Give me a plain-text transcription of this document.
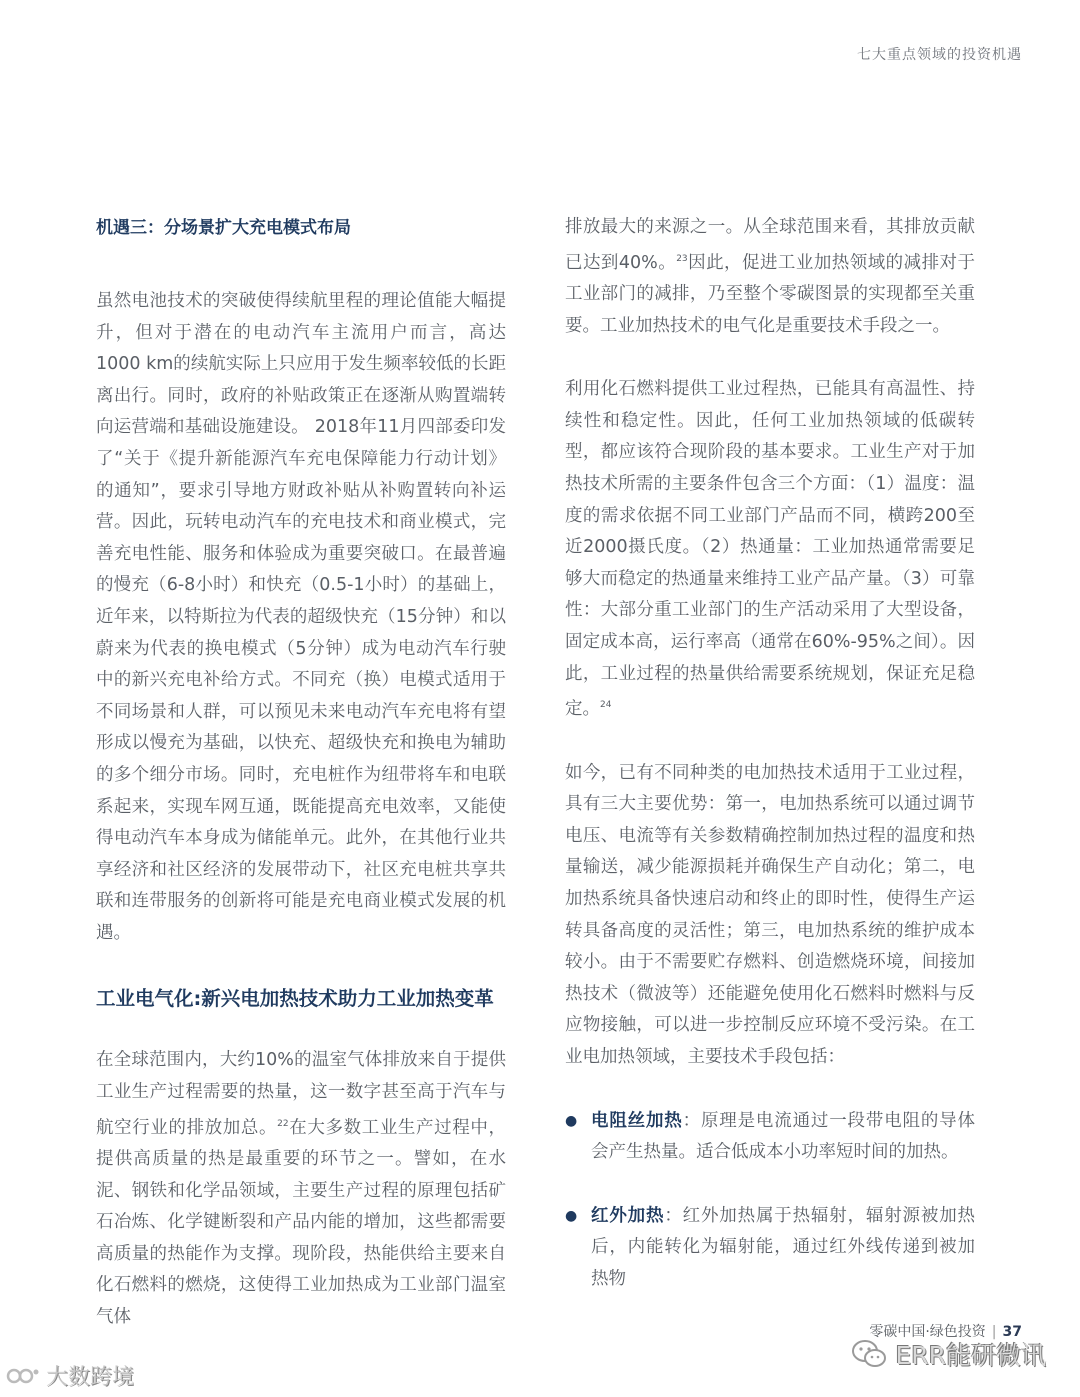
七大重点领域的投资机遇

机遇三：分场景扩大充电模式布局

虽然电池技术的突破使得续航里程的理论值能大幅提升，但对于潜在的电动汽车主流用户而言，高达1000 km的续航实际上只应用于发生频率较低的长距离出行。同时，政府的补贴政策正在逐渐从购置端转向运营端和基础设施建设。 2018年11月四部委印发了“关于《提升新能源汽车充电保障能力行动计划》的通知”，要求引导地方财政补贴从补购置转向补运营。因此，玩转电动汽车的充电技术和商业模式，完善充电性能、服务和体验成为重要突破口。在最普遍的慢充（6-8小时）和快充（0.5-1小时）的基础上，近年来，以特斯拉为代表的超级快充（15分钟）和以蔚来为代表的换电模式（5分钟）成为电动汽车行驶中的新兴充电补给方式。不同充（换）电模式适用于不同场景和人群，可以预见未来电动汽车充电将有望形成以慢充为基础，以快充、超级快充和换电为辅助的多个细分市场。同时，充电桩作为纽带将车和电联系起来，实现车网互通，既能提高充电效率，又能使得电动汽车本身成为储能单元。此外，在其他行业共享经济和社区经济的发展带动下，社区充电桩共享共联和连带服务的创新将可能是充电商业模式发展的机遇。

工业电气化:新兴电加热技术助力工业加热变革

在全球范围内，大约10%的温室气体排放来自于提供工业生产过程需要的热量，这一数字甚至高于汽车与航空行业的排放加总。$^{22}$在大多数工业生产过程中，提供高质量的热是最重要的环节之一。譬如，在水泥、钢铁和化学品领域，主要生产过程的原理包括矿石冶炼、化学键断裂和产品内能的增加，这些都需要高质量的热能作为支撑。现阶段，热能供给主要来自化石燃料的燃烧，这使得工业加热成为工业部门温室气体

排放最大的来源之一。从全球范围来看，其排放贡献已达到40%。$^{23}$因此，促进工业加热领域的减排对于工业部门的减排，乃至整个零碳图景的实现都至关重要。工业加热技术的电气化是重要技术手段之一。

利用化石燃料提供工业过程热，已能具有高温性、持续性和稳定性。因此，任何工业加热领域的低碳转型，都应该符合现阶段的基本要求。工业生产对于加热技术所需的主要条件包含三个方面：（1）温度：温度的需求依据不同工业部门产品而不同，横跨200至近2000摄氏度。（2）热通量：工业加热通常需要足够大而稳定的热通量来维持工业产品产量。（3）可靠性：大部分重工业部门的生产活动采用了大型设备，固定成本高，运行率高（通常在60%-95%之间）。因此，工业过程的热量供给需要系统规划，保证充足稳定。$^{24}$

如今，已有不同种类的电加热技术适用于工业过程，具有三大主要优势：第一，电加热系统可以通过调节电压、电流等有关参数精确控制加热过程的温度和热量输送，减少能源损耗并确保生产自动化；第二，电加热系统具备快速启动和终止的即时性，使得生产运转具备高度的灵活性；第三，电加热系统的维护成本较小。由于不需要贮存燃料、创造燃烧环境，间接加热技术（微波等）还能避免使用化石燃料时燃料与反应物接触，可以进一步控制反应环境不受污染。在工业电加热领域，主要技术手段包括：

● 电阻丝加热：原理是电流通过一段带电阻的导体会产生热量。适合低成本小功率短时间的加热。

● 红外加热：红外加热属于热辐射，辐射源被加热后，内能转化为辐射能，通过红外线传递到被加热物

零碳中国·绿色投资 | 37
大数跨境
ERR能研微讯
